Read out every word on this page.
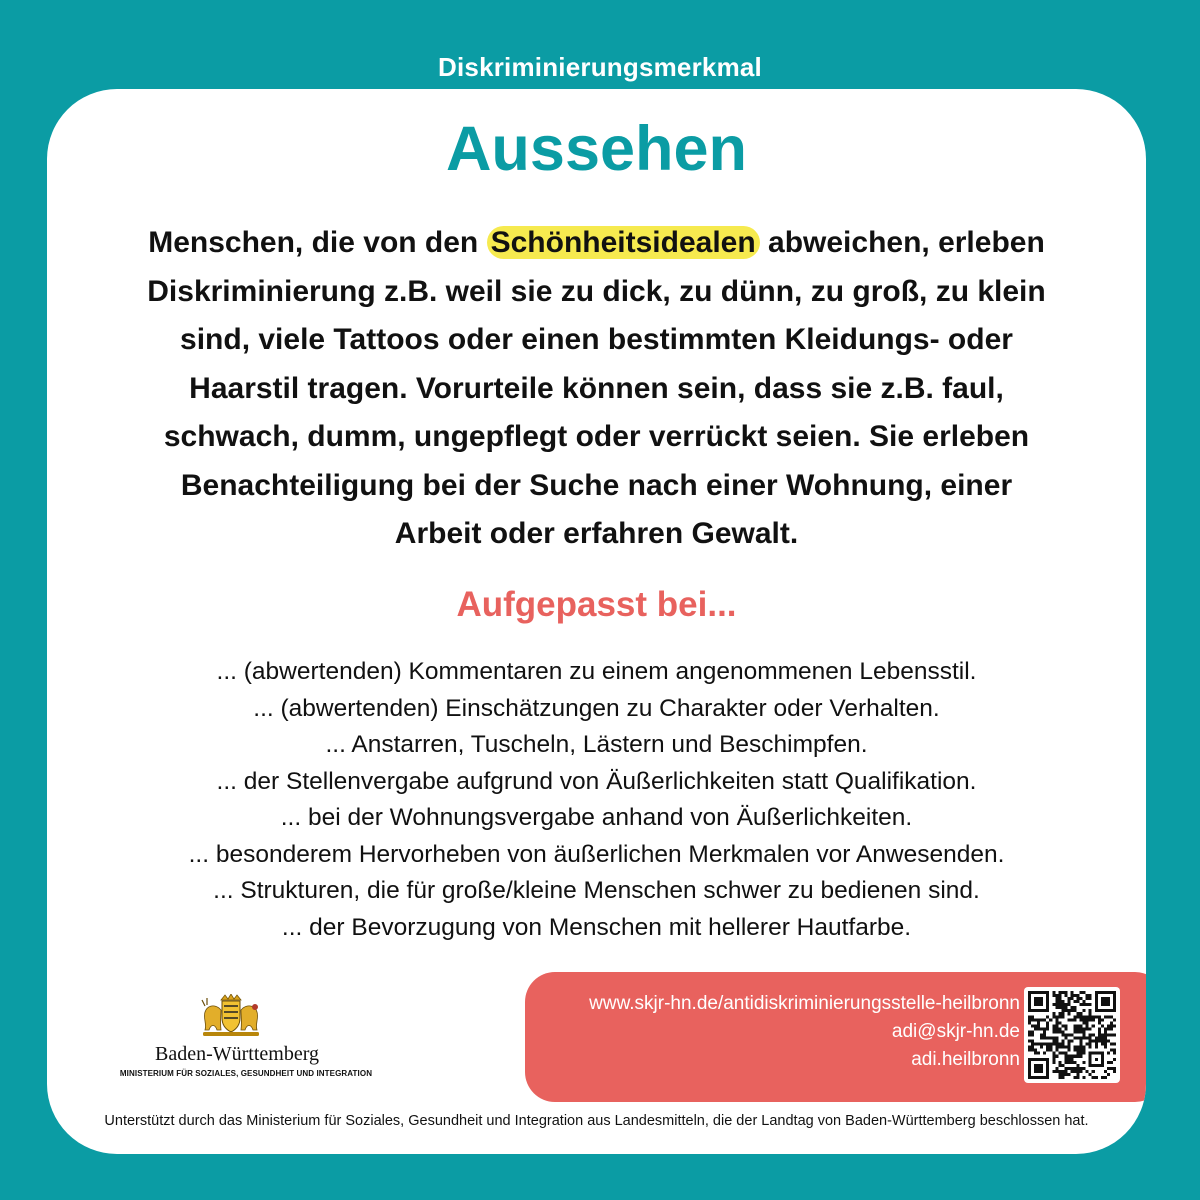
Diskriminierungsmerkmal
Aussehen
Menschen, die von den Schönheitsidealen abweichen, erleben Diskriminierung z.B. weil sie zu dick, zu dünn, zu groß, zu klein sind, viele Tattoos oder einen bestimmten Kleidungs- oder Haarstil tragen. Vorurteile können sein, dass sie z.B. faul, schwach, dumm, ungepflegt oder verrückt seien. Sie erleben Benachteiligung bei der Suche nach einer Wohnung, einer Arbeit oder erfahren Gewalt.
Aufgepasst bei...
... (abwertenden) Kommentaren zu einem angenommenen Lebensstil.
... (abwertenden) Einschätzungen zu Charakter oder Verhalten.
... Anstarren, Tuscheln, Lästern und Beschimpfen.
... der Stellenvergabe aufgrund von Äußerlichkeiten statt Qualifikation.
... bei der Wohnungsvergabe anhand von Äußerlichkeiten.
... besonderem Hervorheben von äußerlichen Merkmalen vor Anwesenden.
... Strukturen, die für große/kleine Menschen schwer zu bedienen sind.
... der Bevorzugung von Menschen mit hellerer Hautfarbe.
Baden-Württemberg
MINISTERIUM FÜR SOZIALES, GESUNDHEIT UND INTEGRATION
www.skjr-hn.de/antidiskriminierungsstelle-heilbronn
adi@skjr-hn.de
adi.heilbronn
Unterstützt durch das Ministerium für Soziales, Gesundheit und Integration aus Landesmitteln, die der Landtag von Baden-Württemberg beschlossen hat.
